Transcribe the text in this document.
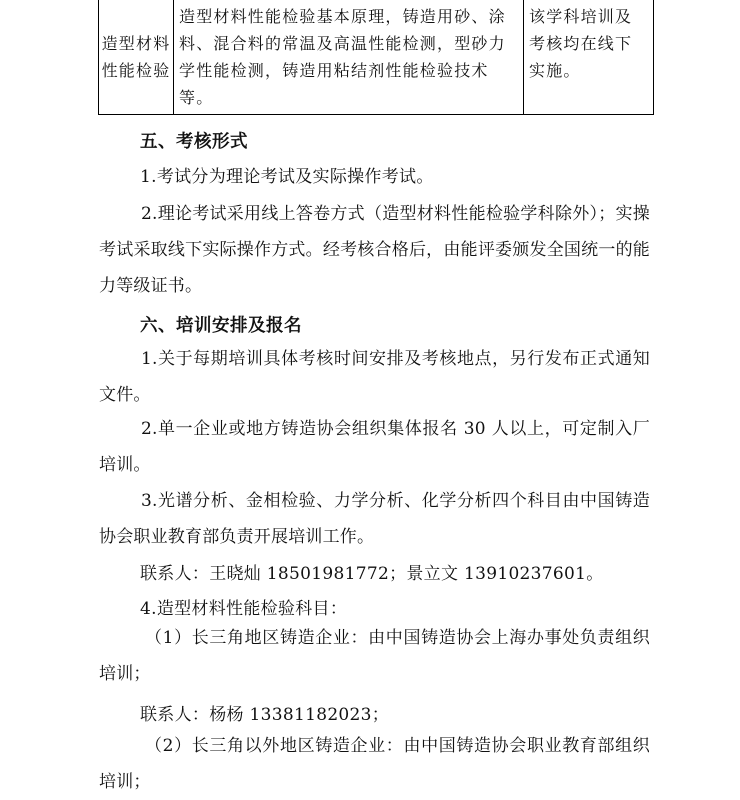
造型材料性能检验	造型材料性能检验基本原理，铸造用砂、涂料、混合料的常温及高温性能检测，型砂力学性能检测，铸造用粘结剂性能检验技术等。	该学科培训及考核均在线下实施。
五、考核形式
1.考试分为理论考试及实际操作考试。
2.理论考试采用线上答卷方式（造型材料性能检验学科除外）；实操考试采取线下实际操作方式。经考核合格后，由能评委颁发全国统一的能力等级证书。
六、培训安排及报名
1.关于每期培训具体考核时间安排及考核地点，另行发布正式通知文件。
2.单一企业或地方铸造协会组织集体报名 30 人以上，可定制入厂培训。
3.光谱分析、金相检验、力学分析、化学分析四个科目由中国铸造协会职业教育部负责开展培训工作。
联系人：王晓灿 18501981772；景立文 13910237601。
4.造型材料性能检验科目：
（1）长三角地区铸造企业：由中国铸造协会上海办事处负责组织培训；
联系人：杨杨 13381182023；
（2）长三角以外地区铸造企业：由中国铸造协会职业教育部组织培训；
